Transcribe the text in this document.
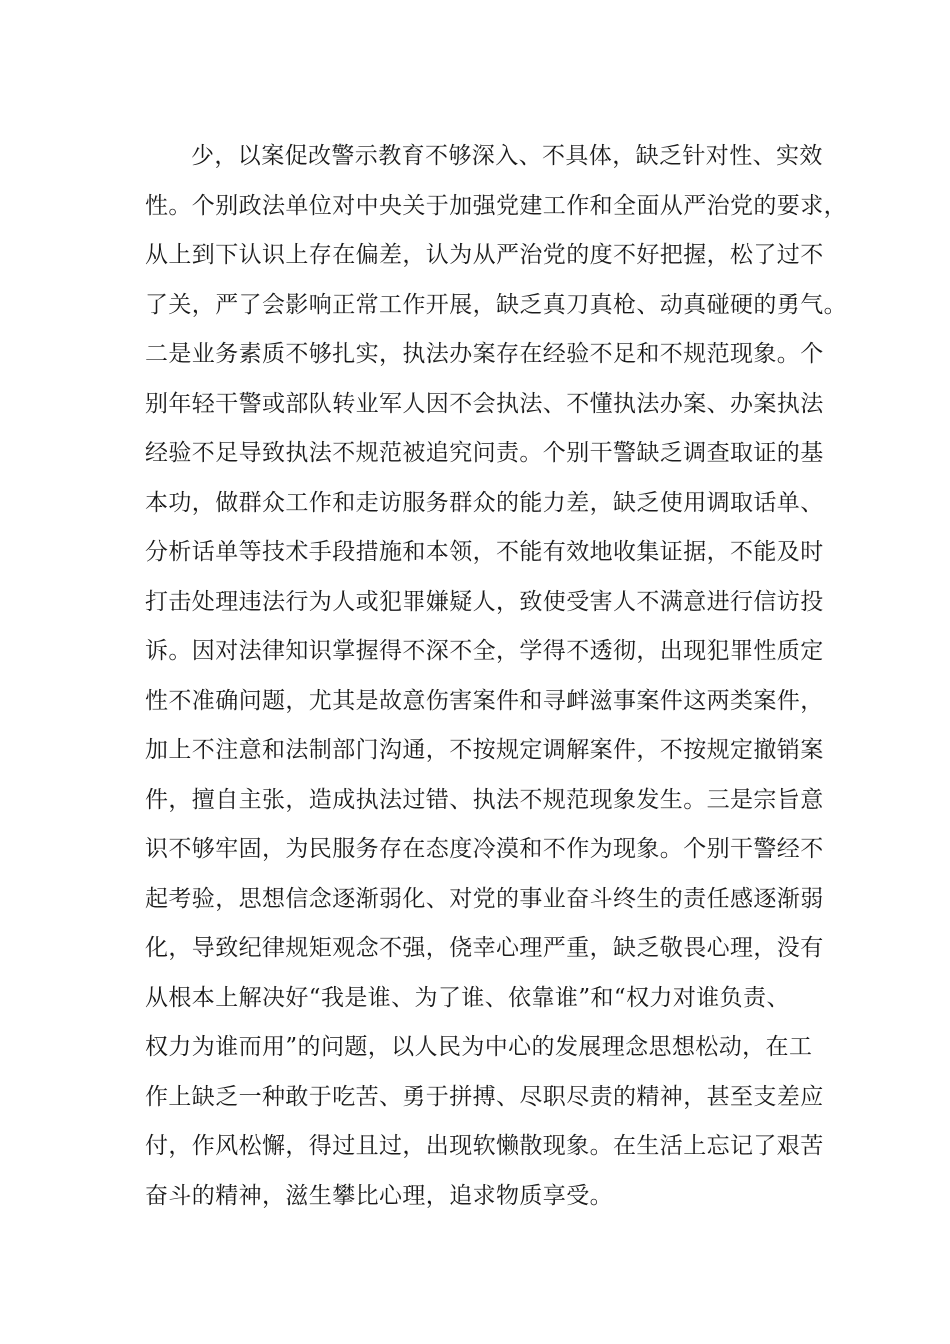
少，以案促改警示教育不够深入、不具体，缺乏针对性、实效
性。个别政法单位对中央关于加强党建工作和全面从严治党的要求，
从上到下认识上存在偏差，认为从严治党的度不好把握，松了过不
了关，严了会影响正常工作开展，缺乏真刀真枪、动真碰硬的勇气。
二是业务素质不够扎实，执法办案存在经验不足和不规范现象。个
别年轻干警或部队转业军人因不会执法、不懂执法办案、办案执法
经验不足导致执法不规范被追究问责。个别干警缺乏调查取证的基
本功，做群众工作和走访服务群众的能力差，缺乏使用调取话单、
分析话单等技术手段措施和本领，不能有效地收集证据，不能及时
打击处理违法行为人或犯罪嫌疑人，致使受害人不满意进行信访投
诉。因对法律知识掌握得不深不全，学得不透彻，出现犯罪性质定
性不准确问题，尤其是故意伤害案件和寻衅滋事案件这两类案件，
加上不注意和法制部门沟通，不按规定调解案件，不按规定撤销案
件，擅自主张，造成执法过错、执法不规范现象发生。三是宗旨意
识不够牢固，为民服务存在态度冷漠和不作为现象。个别干警经不
起考验，思想信念逐渐弱化、对党的事业奋斗终生的责任感逐渐弱
化，导致纪律规矩观念不强，侥幸心理严重，缺乏敬畏心理，没有
从根本上解决好“我是谁、为了谁、依靠谁”和“权力对谁负责、
权力为谁而用”的问题，以人民为中心的发展理念思想松动，在工
作上缺乏一种敢于吃苦、勇于拼搏、尽职尽责的精神，甚至支差应
付，作风松懈，得过且过，出现软懒散现象。在生活上忘记了艰苦
奋斗的精神，滋生攀比心理，追求物质享受。
